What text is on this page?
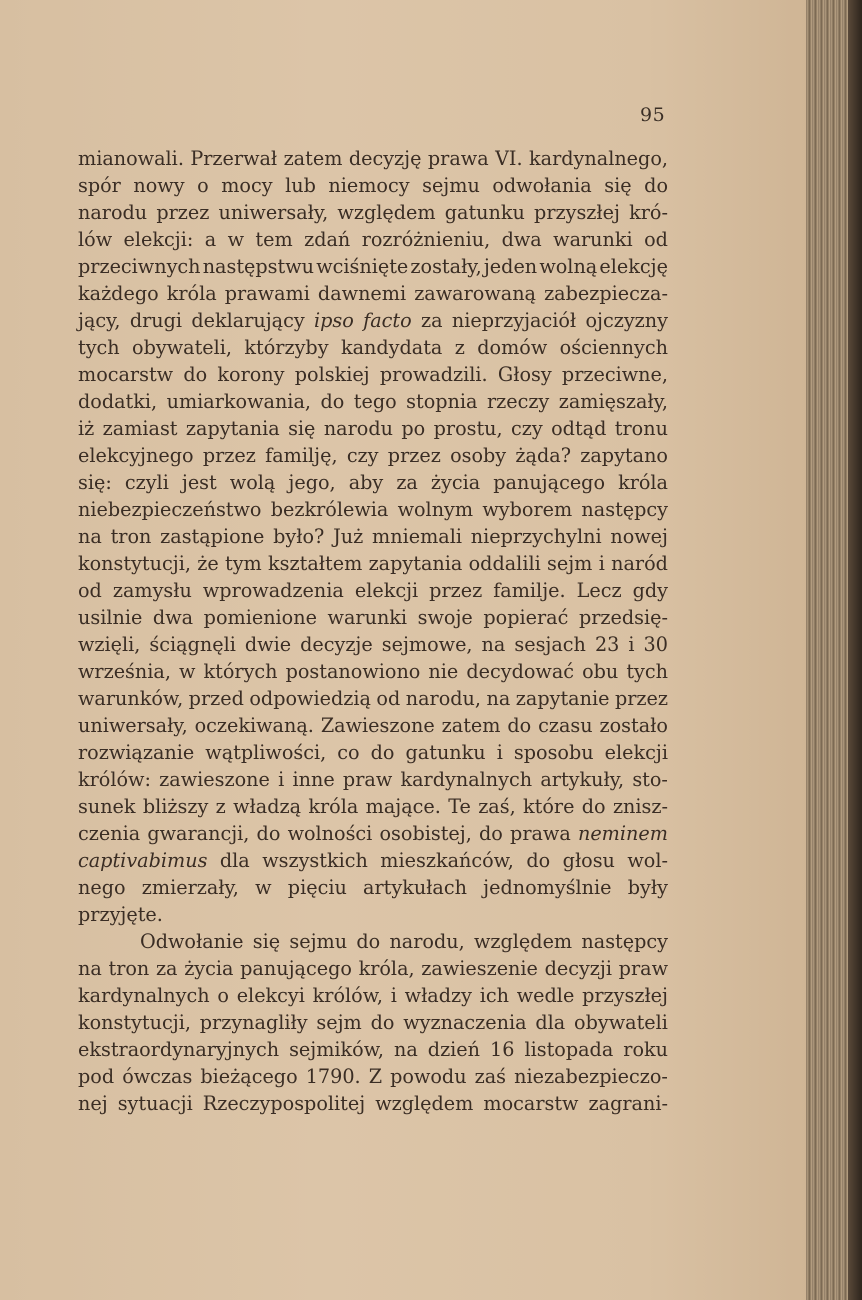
95
mianowali. Przerwał zatem decyzję prawa VI. kardynalnego,
spór nowy o mocy lub niemocy sejmu odwołania się do
narodu przez uniwersały, względem gatunku przyszłej kró-
lów elekcji: a w tem zdań rozróżnieniu, dwa warunki od
przeciwnych następstwu wciśnięte zostały, jeden wolną elekcję
każdego króla prawami dawnemi zawarowaną zabezpiecza-
jący, drugi deklarujący ipso facto za nieprzyjaciół ojczyzny
tych obywateli, którzyby kandydata z domów ościennych
mocarstw do korony polskiej prowadzili. Głosy przeciwne,
dodatki, umiarkowania, do tego stopnia rzeczy zamięszały,
iż zamiast zapytania się narodu po prostu, czy odtąd tronu
elekcyjnego przez familję, czy przez osoby żąda? zapytano
się: czyli jest wolą jego, aby za życia panującego króla
niebezpieczeństwo bezkrólewia wolnym wyborem następcy
na tron zastąpione było? Już mniemali nieprzychylni nowej
konstytucji, że tym kształtem zapytania oddalili sejm i naród
od zamysłu wprowadzenia elekcji przez familje. Lecz gdy
usilnie dwa pomienione warunki swoje popierać przedsię-
wzięli, ściągnęli dwie decyzje sejmowe, na sesjach 23 i 30
września, w których postanowiono nie decydować obu tych
warunków, przed odpowiedzią od narodu, na zapytanie przez
uniwersały, oczekiwaną. Zawieszone zatem do czasu zostało
rozwiązanie wątpliwości, co do gatunku i sposobu elekcji
królów: zawieszone i inne praw kardynalnych artykuły, sto-
sunek bliższy z władzą króla mające. Te zaś, które do znisz-
czenia gwarancji, do wolności osobistej, do prawa neminem
captivabimus dla wszystkich mieszkańców, do głosu wol-
nego zmierzały, w pięciu artykułach jednomyślnie były
przyjęte.
Odwołanie się sejmu do narodu, względem następcy
na tron za życia panującego króla, zawieszenie decyzji praw
kardynalnych o elekcyi królów, i władzy ich wedle przyszłej
konstytucji, przynagliły sejm do wyznaczenia dla obywateli
ekstraordynaryjnych sejmików, na dzień 16 listopada roku
pod ówczas bieżącego 1790. Z powodu zaś niezabezpieczo-
nej sytuacji Rzeczypospolitej względem mocarstw zagrani-
